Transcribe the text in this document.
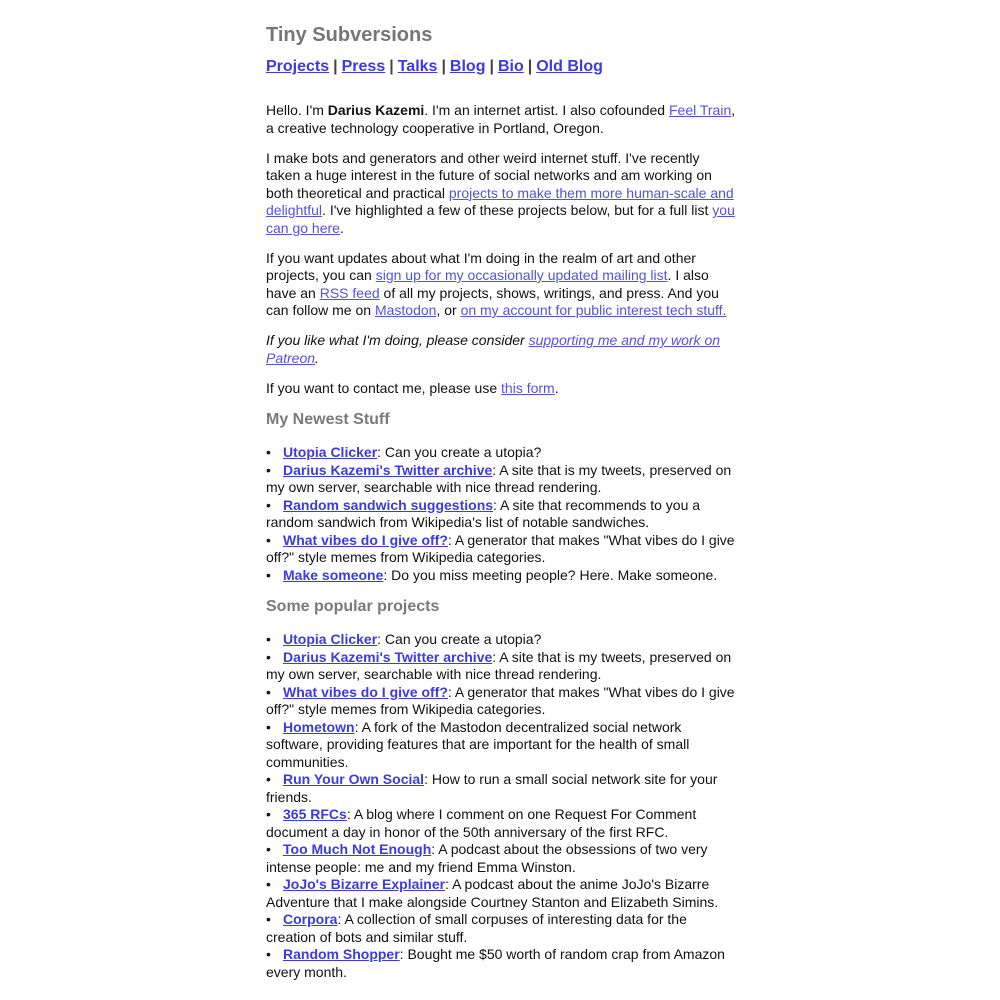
Tiny Subversions
Projects | Press | Talks | Blog | Bio | Old Blog

Hello. I'm Darius Kazemi. I'm an internet artist. I also cofounded Feel Train, a creative technology cooperative in Portland, Oregon.

I make bots and generators and other weird internet stuff. I've recently taken a huge interest in the future of social networks and am working on both theoretical and practical projects to make them more human-scale and delightful. I've highlighted a few of these projects below, but for a full list you can go here.

If you want updates about what I'm doing in the realm of art and other projects, you can sign up for my occasionally updated mailing list. I also have an RSS feed of all my projects, shows, writings, and press. And you can follow me on Mastodon, or on my account for public interest tech stuff.

If you like what I'm doing, please consider supporting me and my work on Patreon.

If you want to contact me, please use this form.

My Newest Stuff
• Utopia Clicker: Can you create a utopia?
• Darius Kazemi's Twitter archive: A site that is my tweets, preserved on my own server, searchable with nice thread rendering.
• Random sandwich suggestions: A site that recommends to you a random sandwich from Wikipedia's list of notable sandwiches.
• What vibes do I give off?: A generator that makes "What vibes do I give off?" style memes from Wikipedia categories.
• Make someone: Do you miss meeting people? Here. Make someone.
Some popular projects
• Utopia Clicker: Can you create a utopia?
• Darius Kazemi's Twitter archive: A site that is my tweets, preserved on my own server, searchable with nice thread rendering.
• What vibes do I give off?: A generator that makes "What vibes do I give off?" style memes from Wikipedia categories.
• Hometown: A fork of the Mastodon decentralized social network software, providing features that are important for the health of small communities.
• Run Your Own Social: How to run a small social network site for your friends.
• 365 RFCs: A blog where I comment on one Request For Comment document a day in honor of the 50th anniversary of the first RFC.
• Too Much Not Enough: A podcast about the obsessions of two very intense people: me and my friend Emma Winston.
• JoJo's Bizarre Explainer: A podcast about the anime JoJo's Bizarre Adventure that I make alongside Courtney Stanton and Elizabeth Simins.
• Corpora: A collection of small corpuses of interesting data for the creation of bots and similar stuff.
• Random Shopper: Bought me $50 worth of random crap from Amazon every month.
